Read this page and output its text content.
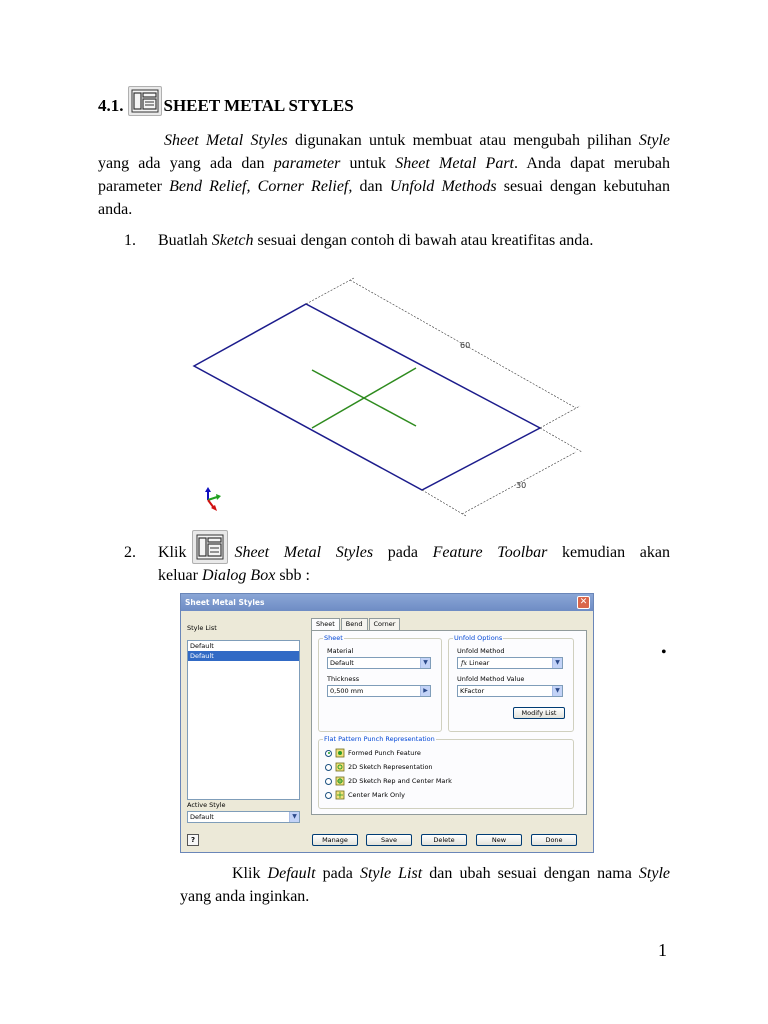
4.1. SHEET METAL STYLES
Sheet Metal Styles digunakan untuk membuat atau mengubah pilihan Style yang ada yang ada dan parameter untuk Sheet Metal Part. Anda dapat merubah parameter Bend Relief, Corner Relief, dan Unfold Methods sesuai dengan kebutuhan anda.
1. Buatlah Sketch sesuai dengan contoh di bawah atau kreatifitas anda.
60
30
2.	Klik	Sheet Metal Styles pada Feature Toolbar kemudian akan
keluar Dialog Box sbb :
•
Sheet Metal Styles	✕
Style List
Default
Default
Active Style
Default	▼
Sheet	Bend	Corner
Sheet
Material
Default	▼
Thickness
0,500 mm	▶
Unfold Options
Unfold Method
fx Linear	▼
Unfold Method Value
KFactor	▼
Modify List
Flat Pattern Punch Representation
Formed Punch Feature
2D Sketch Representation
2D Sketch Rep and Center Mark
Center Mark Only
?	Manage	Save	Delete	New	Done
Klik Default pada Style List dan ubah sesuai dengan nama Style yang anda inginkan.
1
